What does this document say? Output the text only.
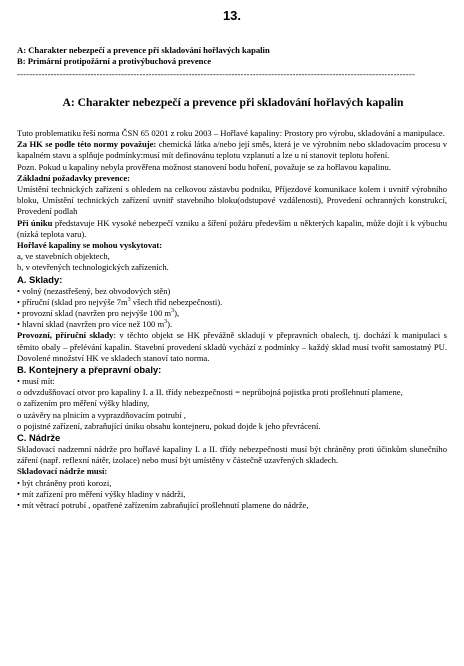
13.
A: Charakter nebezpečí a prevence při skladování hořlavých kapalin
B: Primární protipožární a protivýbuchová prevence
----------------------------------------------------------------------------------------------------------------------------------
A: Charakter nebezpečí a prevence při skladování hořlavých kapalin

Tuto problematiku řeší norma ČSN 65 0201 z roku 2003 – Hořlavé kapaliny: Prostory pro výrobu, skladování a manipulace.

Za HK se podle této normy považuje: chemická látka a/nebo její směs, která je ve výrobním nebo skladovacím procesu v kapalném stavu a splňuje podmínky:musí mít definovánu teplotu vzplanutí a lze u ní stanovit teplotu hoření.

Pozn. Pokud u kapaliny nebyla prověřena možnost stanovení bodu hoření, považuje se za hořlavou kapalinu.

Základní požadavky prevence:

Umístění technických zařízení s ohledem na celkovou zástavbu podniku, Příjezdové komunikace kolem i uvnitř výrobního bloku, Umístění technických zařízení uvnitř stavebního bloku(odstupové vzdálenosti), Provedení ochranných konstrukcí, Provedení podlah

Při úniku představuje HK vysoké nebezpečí vzniku a šíření požáru především u některých kapalin, může dojít i k výbuchu (nízká teplota varu).

Hořlavé kapaliny se mohou vyskytovat:

a, ve stavebních objektech,

b, v otevřených technologických zařízeních.

A. Sklady:

• volný (nezastřešený, bez obvodových stěn)

• příruční (sklad pro nejvýše $7m^3$ všech tříd nebezpečnosti).

• provozní sklad (navržen pro nejvýše 100 $m^3$),

• hlavní sklad (navržen pro více než 100 $m^3$).

Provozní, příruční sklady: v těchto objekt se HK převážně skladují v přepravních obalech, tj. dochází k manipulaci s těmito obaly – přelévání kapalin. Stavební provedení skladů vychází z podmínky – každý sklad musí tvořit samostatný PU. Dovolené množství HK ve skladech stanoví tato norma.

B. Kontejnery a přepravní obaly:

• musí mít:

o odvzdušňovací otvor pro kapaliny I. a II. třídy nebezpečnosti = neprůbojná pojistka proti prošlehnutí plamene,

o zařízením pro měření výšky hladiny,

o uzávěry na plnicím a vyprazdňovacím potrubí ,

o pojistné zařízení, zabraňující úniku obsahu kontejneru, pokud dojde k jeho převrácení.

C. Nádrže

Skladovací nadzemní nádrže pro hořlavé kapaliny I. a II. třídy nebezpečnosti musí být chráněny proti účinkům slunečního záření (např. reflexní nátěr, izolace) nebo musí být umístěny v částečně uzavřených skladech.

Skladovací nádrže musí:

• být chráněny proti korozi,

• mít zařízení pro měření výšky hladiny v nádrži,

• mít větrací potrubí , opatřené zařízením zabraňující prošlehnutí plamene do nádrže,
